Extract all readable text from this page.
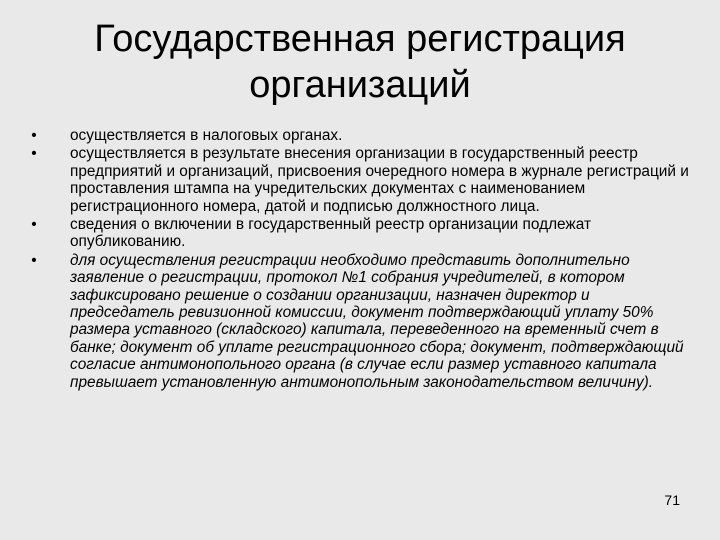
Государственная регистрация
организаций
• осуществляется в налоговых органах.
• осуществляется в результате внесения организации в государственный реестр предприятий и организаций, присвоения очередного номера в журнале регистраций и проставления штампа на учредительских документах с наименованием регистрационного номера, датой и подписью должностного лица.
• сведения о включении в государственный реестр организации подлежат опубликованию.
• для осуществления регистрации необходимо представить дополнительно заявление о регистрации, протокол №1 собрания учредителей, в котором зафиксировано решение о создании организации, назначен директор и председатель ревизионной комиссии, документ подтверждающий уплату 50% размера уставного (складского) капитала, переведенного на временный счет в банке; документ об уплате регистрационного сбора; документ, подтверждающий согласие антимонопольного органа (в случае если размер уставного капитала превышает установленную антимонопольным законодательством величину).
71
